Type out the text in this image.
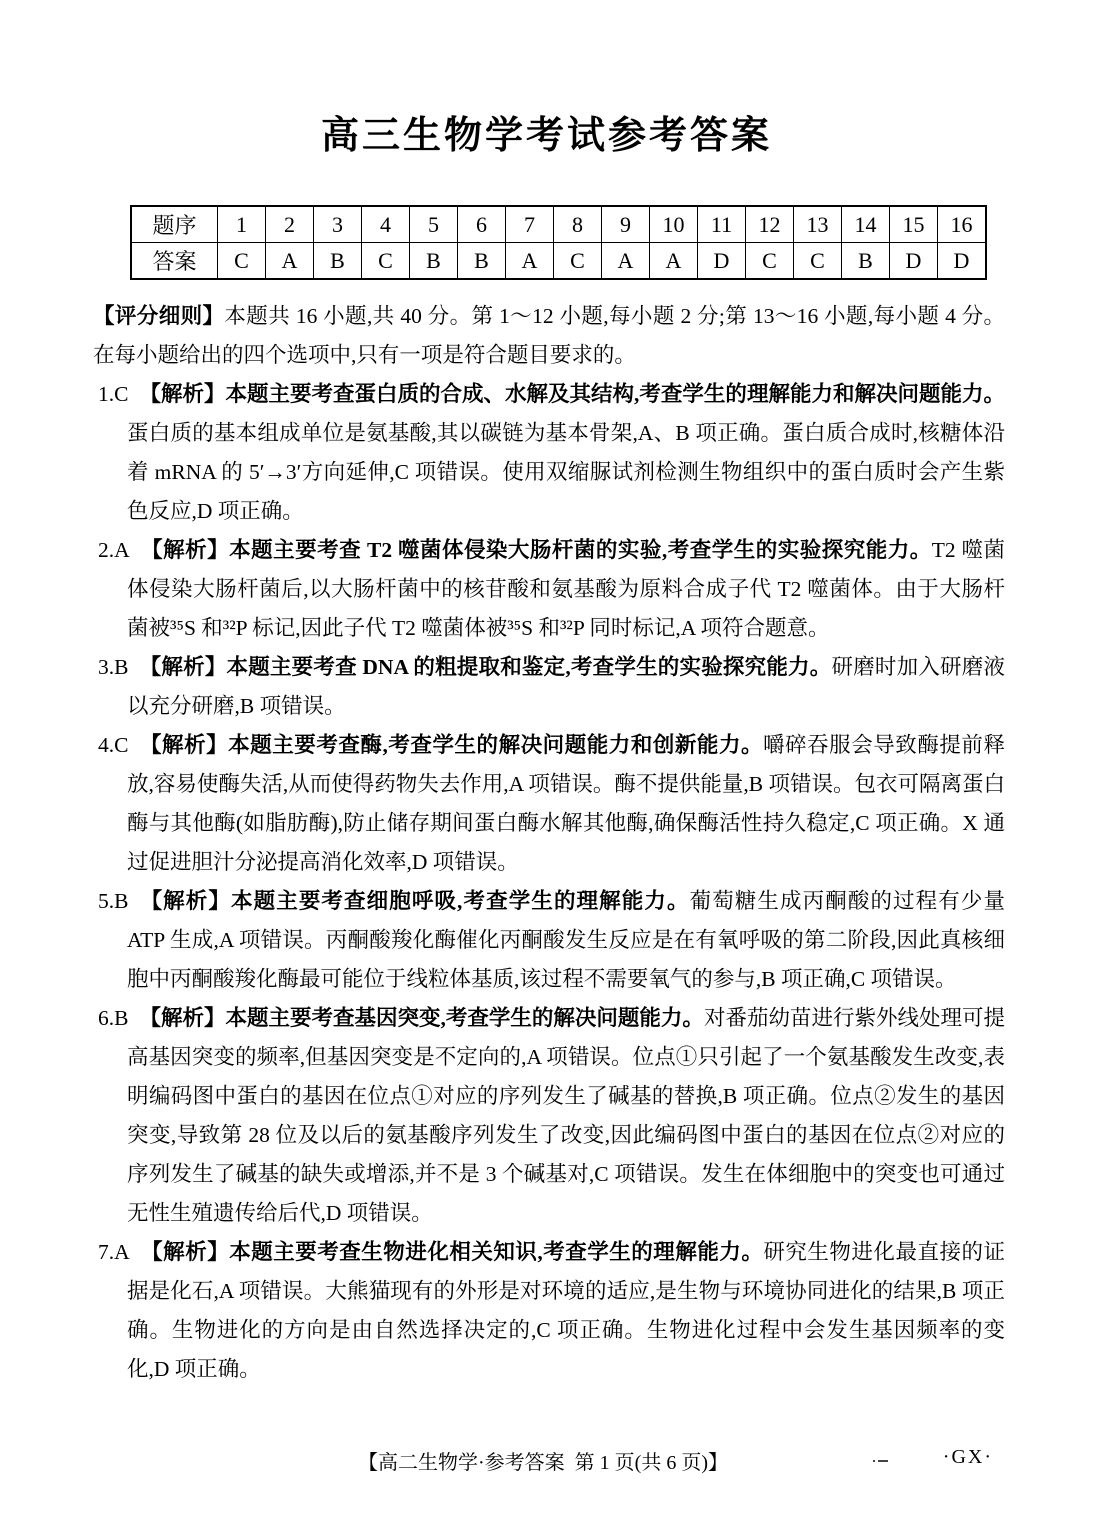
高三生物学考试参考答案
题序	1	2	3	4	5	6	7	8	9	10	11	12	13	14	15	16
答案	C	A	B	C	B	B	A	C	A	A	D	C	C	B	D	D

【评分细则】本题共 16 小题,共 40 分。第 1～12 小题,每小题 2 分;第 13～16 小题,每小题 4 分。在每小题给出的四个选项中,只有一项是符合题目要求的。

1.C 【解析】本题主要考查蛋白质的合成、水解及其结构,考查学生的理解能力和解决问题能力。蛋白质的基本组成单位是氨基酸,其以碳链为基本骨架,A、B 项正确。蛋白质合成时,核糖体沿着 mRNA 的 5′→3′方向延伸,C 项错误。使用双缩脲试剂检测生物组织中的蛋白质时会产生紫色反应,D 项正确。

2.A 【解析】本题主要考查 T2 噬菌体侵染大肠杆菌的实验,考查学生的实验探究能力。T2 噬菌体侵染大肠杆菌后,以大肠杆菌中的核苷酸和氨基酸为原料合成子代 T2 噬菌体。由于大肠杆菌被³⁵S 和³²P 标记,因此子代 T2 噬菌体被³⁵S 和³²P 同时标记,A 项符合题意。

3.B 【解析】本题主要考查 DNA 的粗提取和鉴定,考查学生的实验探究能力。研磨时加入研磨液以充分研磨,B 项错误。

4.C 【解析】本题主要考查酶,考查学生的解决问题能力和创新能力。嚼碎吞服会导致酶提前释放,容易使酶失活,从而使得药物失去作用,A 项错误。酶不提供能量,B 项错误。包衣可隔离蛋白酶与其他酶(如脂肪酶),防止储存期间蛋白酶水解其他酶,确保酶活性持久稳定,C 项正确。X 通过促进胆汁分泌提高消化效率,D 项错误。

5.B 【解析】本题主要考查细胞呼吸,考查学生的理解能力。葡萄糖生成丙酮酸的过程有少量 ATP 生成,A 项错误。丙酮酸羧化酶催化丙酮酸发生反应是在有氧呼吸的第二阶段,因此真核细胞中丙酮酸羧化酶最可能位于线粒体基质,该过程不需要氧气的参与,B 项正确,C 项错误。

6.B 【解析】本题主要考查基因突变,考查学生的解决问题能力。对番茄幼苗进行紫外线处理可提高基因突变的频率,但基因突变是不定向的,A 项错误。位点①只引起了一个氨基酸发生改变,表明编码图中蛋白的基因在位点①对应的序列发生了碱基的替换,B 项正确。位点②发生的基因突变,导致第 28 位及以后的氨基酸序列发生了改变,因此编码图中蛋白的基因在位点②对应的序列发生了碱基的缺失或增添,并不是 3 个碱基对,C 项错误。发生在体细胞中的突变也可通过无性生殖遗传给后代,D 项错误。

7.A 【解析】本题主要考查生物进化相关知识,考查学生的理解能力。研究生物进化最直接的证据是化石,A 项错误。大熊猫现有的外形是对环境的适应,是生物与环境协同进化的结果,B 项正确。生物进化的方向是由自然选择决定的,C 项正确。生物进化过程中会发生基因频率的变化,D 项正确。

【高二生物学·参考答案  第 1 页(共 6 页)】	·GX·
